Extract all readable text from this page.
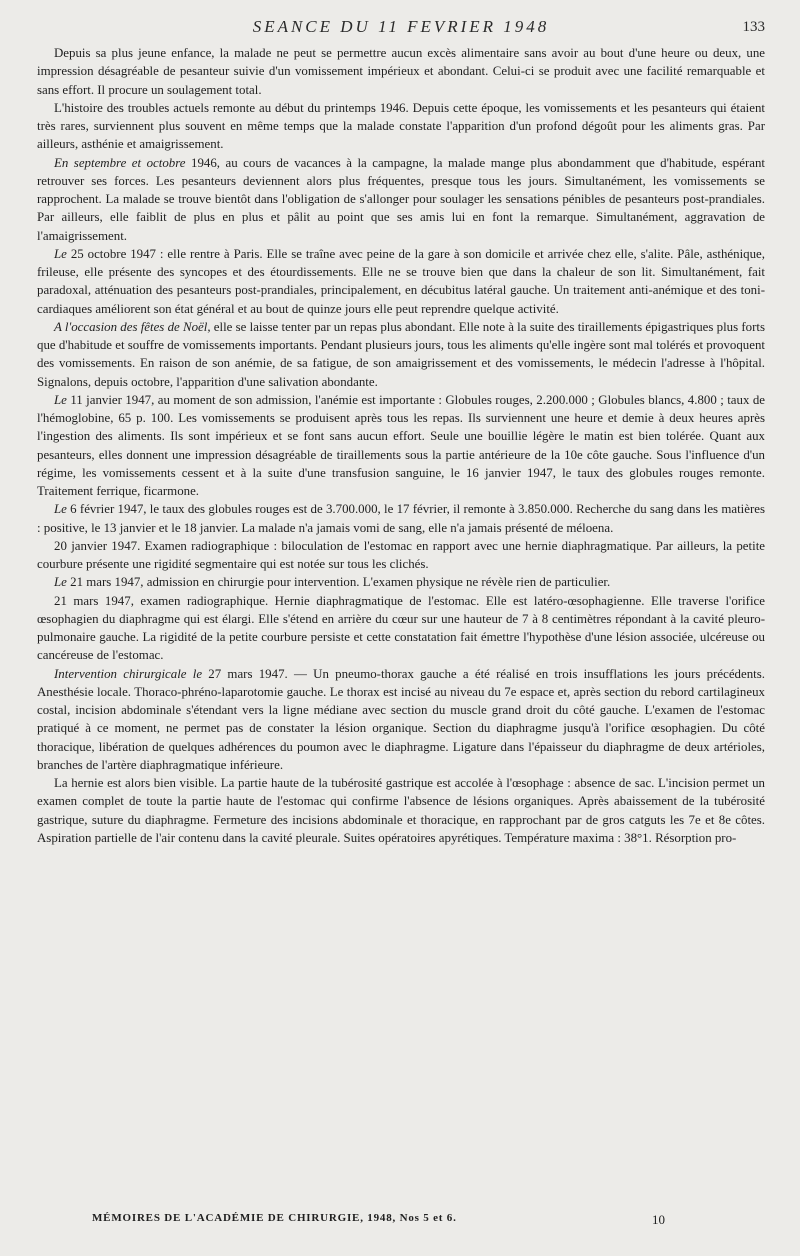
SEANCE DU 11 FEVRIER 1948	133

Depuis sa plus jeune enfance, la malade ne peut se permettre aucun excès alimentaire sans avoir au bout d'une heure ou deux, une impression désagréable de pesanteur suivie d'un vomissement impérieux et abondant. Celui-ci se produit avec une facilité remarquable et sans effort. Il procure un soulagement total.

L'histoire des troubles actuels remonte au début du printemps 1946. Depuis cette époque, les vomissements et les pesanteurs qui étaient très rares, surviennent plus souvent en même temps que la malade constate l'apparition d'un profond dégoût pour les aliments gras. Par ailleurs, asthénie et amaigrissement.

En septembre et octobre 1946, au cours de vacances à la campagne, la malade mange plus abondamment que d'habitude, espérant retrouver ses forces. Les pesanteurs deviennent alors plus fréquentes, presque tous les jours. Simultanément, les vomissements se rapprochent. La malade se trouve bientôt dans l'obligation de s'allonger pour soulager les sensations pénibles de pesanteurs post-prandiales. Par ailleurs, elle faiblit de plus en plus et pâlit au point que ses amis lui en font la remarque. Simultanément, aggravation de l'amaigrissement.

Le 25 octobre 1947 : elle rentre à Paris. Elle se traîne avec peine de la gare à son domicile et arrivée chez elle, s'alite. Pâle, asthénique, frileuse, elle présente des syncopes et des étourdissements. Elle ne se trouve bien que dans la chaleur de son lit. Simultanément, fait paradoxal, atténuation des pesanteurs post-prandiales, principalement, en décubitus latéral gauche. Un traitement anti-anémique et des toni-cardiaques améliorent son état général et au bout de quinze jours elle peut reprendre quelque activité.

A l'occasion des fêtes de Noël, elle se laisse tenter par un repas plus abondant. Elle note à la suite des tiraillements épigastriques plus forts que d'habitude et souffre de vomissements importants. Pendant plusieurs jours, tous les aliments qu'elle ingère sont mal tolérés et provoquent des vomissements. En raison de son anémie, de sa fatigue, de son amaigrissement et des vomissements, le médecin l'adresse à l'hôpital. Signalons, depuis octobre, l'apparition d'une salivation abondante.

Le 11 janvier 1947, au moment de son admission, l'anémie est importante : Globules rouges, 2.200.000 ; Globules blancs, 4.800 ; taux de l'hémoglobine, 65 p. 100. Les vomissements se produisent après tous les repas. Ils surviennent une heure et demie à deux heures après l'ingestion des aliments. Ils sont impérieux et se font sans aucun effort. Seule une bouillie légère le matin est bien tolérée. Quant aux pesanteurs, elles donnent une impression désagréable de tiraillements sous la partie antérieure de la 10e côte gauche. Sous l'influence d'un régime, les vomissements cessent et à la suite d'une transfusion sanguine, le 16 janvier 1947, le taux des globules rouges remonte. Traitement ferrique, ficarmone.

Le 6 février 1947, le taux des globules rouges est de 3.700.000, le 17 février, il remonte à 3.850.000. Recherche du sang dans les matières : positive, le 13 janvier et le 18 janvier. La malade n'a jamais vomi de sang, elle n'a jamais présenté de méloena.

20 janvier 1947. Examen radiographique : biloculation de l'estomac en rapport avec une hernie diaphragmatique. Par ailleurs, la petite courbure présente une rigidité segmentaire qui est notée sur tous les clichés.

Le 21 mars 1947, admission en chirurgie pour intervention. L'examen physique ne révèle rien de particulier.

21 mars 1947, examen radiographique. Hernie diaphragmatique de l'estomac. Elle est latéro-œsophagienne. Elle traverse l'orifice œsophagien du diaphragme qui est élargi. Elle s'étend en arrière du cœur sur une hauteur de 7 à 8 centimètres répondant à la cavité pleuro-pulmonaire gauche. La rigidité de la petite courbure persiste et cette constatation fait émettre l'hypothèse d'une lésion associée, ulcéreuse ou cancéreuse de l'estomac.

Intervention chirurgicale le 27 mars 1947. — Un pneumo-thorax gauche a été réalisé en trois insufflations les jours précédents. Anesthésie locale. Thoraco-phréno-laparotomie gauche. Le thorax est incisé au niveau du 7e espace et, après section du rebord cartilagineux costal, incision abdominale s'étendant vers la ligne médiane avec section du muscle grand droit du côté gauche. L'examen de l'estomac pratiqué à ce moment, ne permet pas de constater la lésion organique. Section du diaphragme jusqu'à l'orifice œsophagien. Du côté thoracique, libération de quelques adhérences du poumon avec le diaphragme. Ligature dans l'épaisseur du diaphragme de deux artérioles, branches de l'artère diaphragmatique inférieure.

La hernie est alors bien visible. La partie haute de la tubérosité gastrique est accolée à l'œsophage : absence de sac. L'incision permet un examen complet de toute la partie haute de l'estomac qui confirme l'absence de lésions organiques. Après abaissement de la tubérosité gastrique, suture du diaphragme. Fermeture des incisions abdominale et thoracique, en rapprochant par de gros catguts les 7e et 8e côtes. Aspiration partielle de l'air contenu dans la cavité pleurale. Suites opératoires apyrétiques. Température maxima : 38°1. Résorption pro-

MÉMOIRES DE L'ACADÉMIE DE CHIRURGIE, 1948, Nos 5 et 6.	10
